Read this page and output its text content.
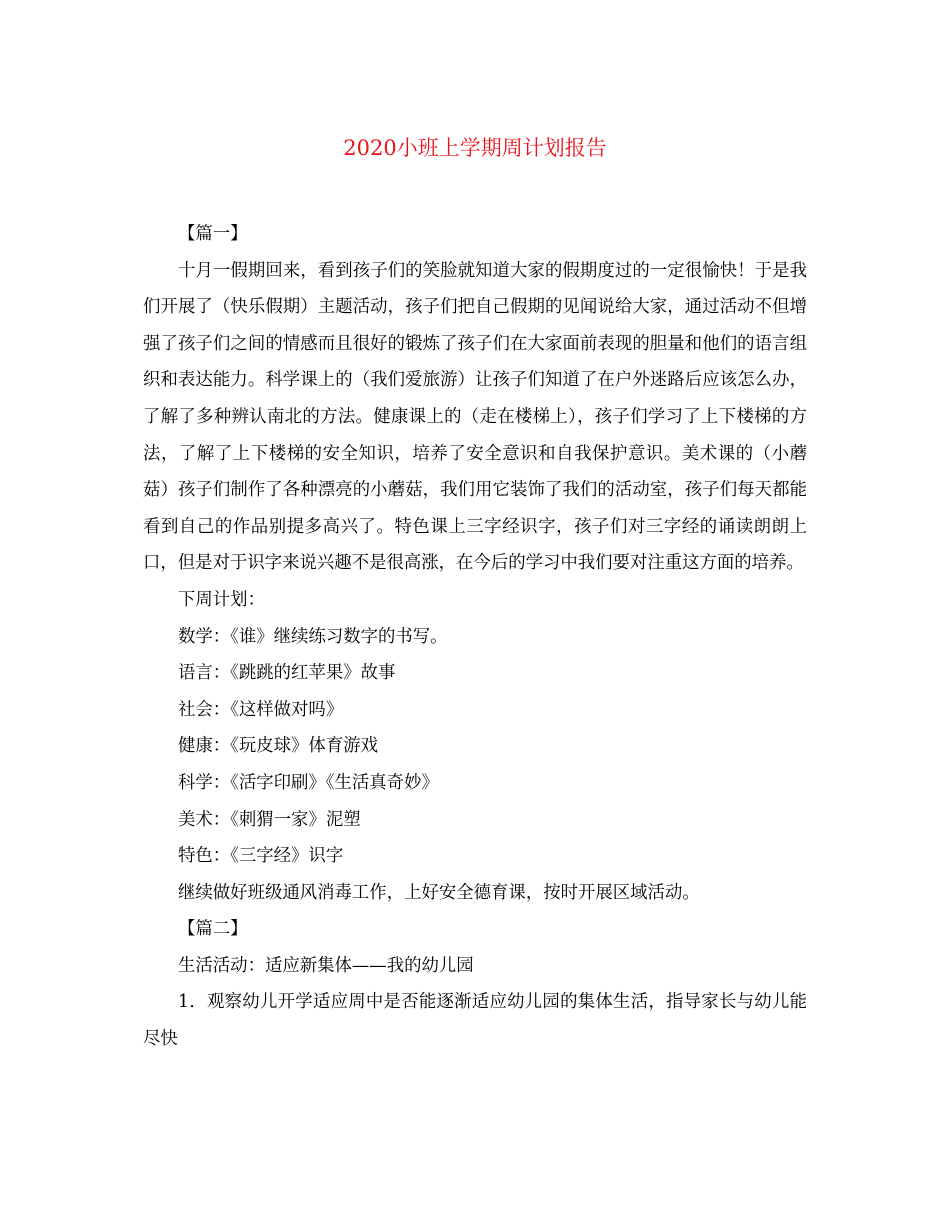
2020小班上学期周计划报告

【篇一】

十月一假期回来，看到孩子们的笑脸就知道大家的假期度过的一定很愉快！于是我们开展了（快乐假期）主题活动，孩子们把自己假期的见闻说给大家，通过活动不但增强了孩子们之间的情感而且很好的锻炼了孩子们在大家面前表现的胆量和他们的语言组织和表达能力。科学课上的（我们爱旅游）让孩子们知道了在户外迷路后应该怎么办，了解了多种辨认南北的方法。健康课上的（走在楼梯上），孩子们学习了上下楼梯的方法，了解了上下楼梯的安全知识，培养了安全意识和自我保护意识。美术课的（小蘑菇）孩子们制作了各种漂亮的小蘑菇，我们用它装饰了我们的活动室，孩子们每天都能看到自己的作品别提多高兴了。特色课上三字经识字，孩子们对三字经的诵读朗朗上口，但是对于识字来说兴趣不是很高涨，在今后的学习中我们要对注重这方面的培养。

下周计划：

数学：《谁》继续练习数字的书写。

语言：《跳跳的红苹果》故事

社会：《这样做对吗》

健康：《玩皮球》体育游戏

科学：《活字印刷》《生活真奇妙》

美术：《刺猬一家》泥塑

特色：《三字经》识字

继续做好班级通风消毒工作，上好安全德育课，按时开展区域活动。

【篇二】

生活活动：适应新集体——我的幼儿园

1．观察幼儿开学适应周中是否能逐渐适应幼儿园的集体生活，指导家长与幼儿能尽快
